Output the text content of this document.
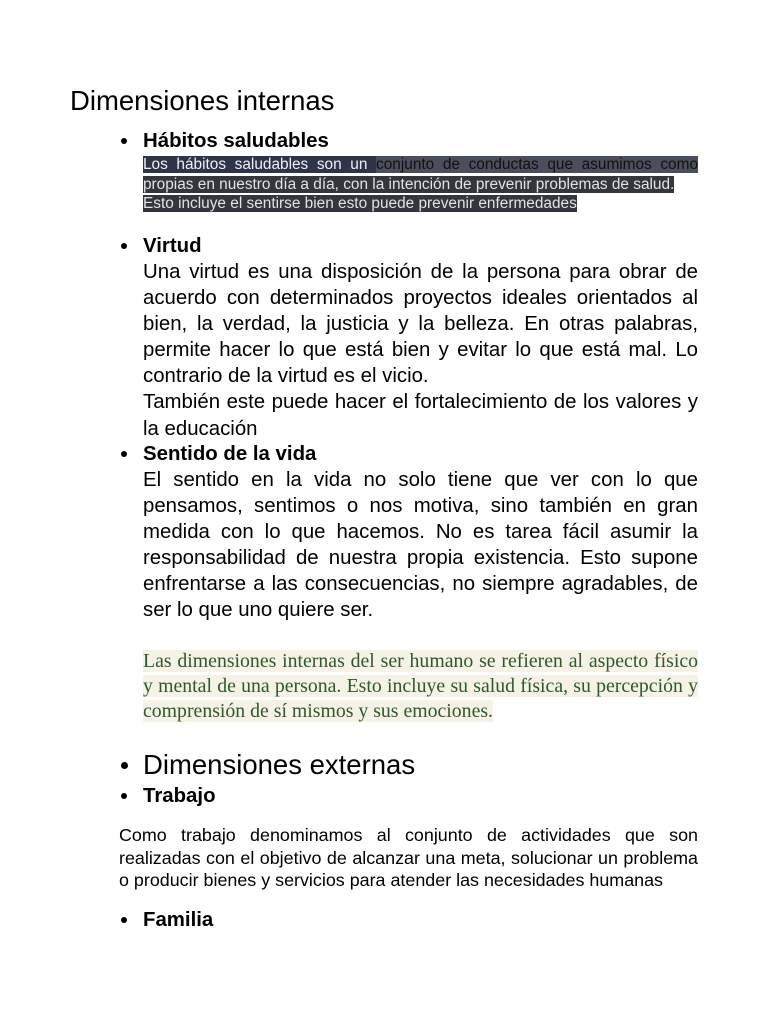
Dimensiones internas
Hábitos saludables
Los hábitos saludables son un conjunto de conductas que asumimos como
propias en nuestro día a día, con la intención de prevenir problemas de salud.
Esto incluye el sentirse bien esto puede prevenir enfermedades
Virtud
Una virtud es una disposición de la persona para obrar de
acuerdo con determinados proyectos ideales orientados al
bien, la verdad, la justicia y la belleza. En otras palabras,
permite hacer lo que está bien y evitar lo que está mal. Lo
contrario de la virtud es el vicio.
También este puede hacer el fortalecimiento de los valores y
la educación
Sentido de la vida
El sentido en la vida no solo tiene que ver con lo que
pensamos, sentimos o nos motiva, sino también en gran
medida con lo que hacemos. No es tarea fácil asumir la
responsabilidad de nuestra propia existencia. Esto supone
enfrentarse a las consecuencias, no siempre agradables, de
ser lo que uno quiere ser.
Las dimensiones internas del ser humano se refieren al aspecto físico
y mental de una persona. Esto incluye su salud física, su percepción y
comprensión de sí mismos y sus emociones.
Dimensiones externas
Trabajo
Como trabajo denominamos al conjunto de actividades que son
realizadas con el objetivo de alcanzar una meta, solucionar un problema
o producir bienes y servicios para atender las necesidades humanas
Familia
